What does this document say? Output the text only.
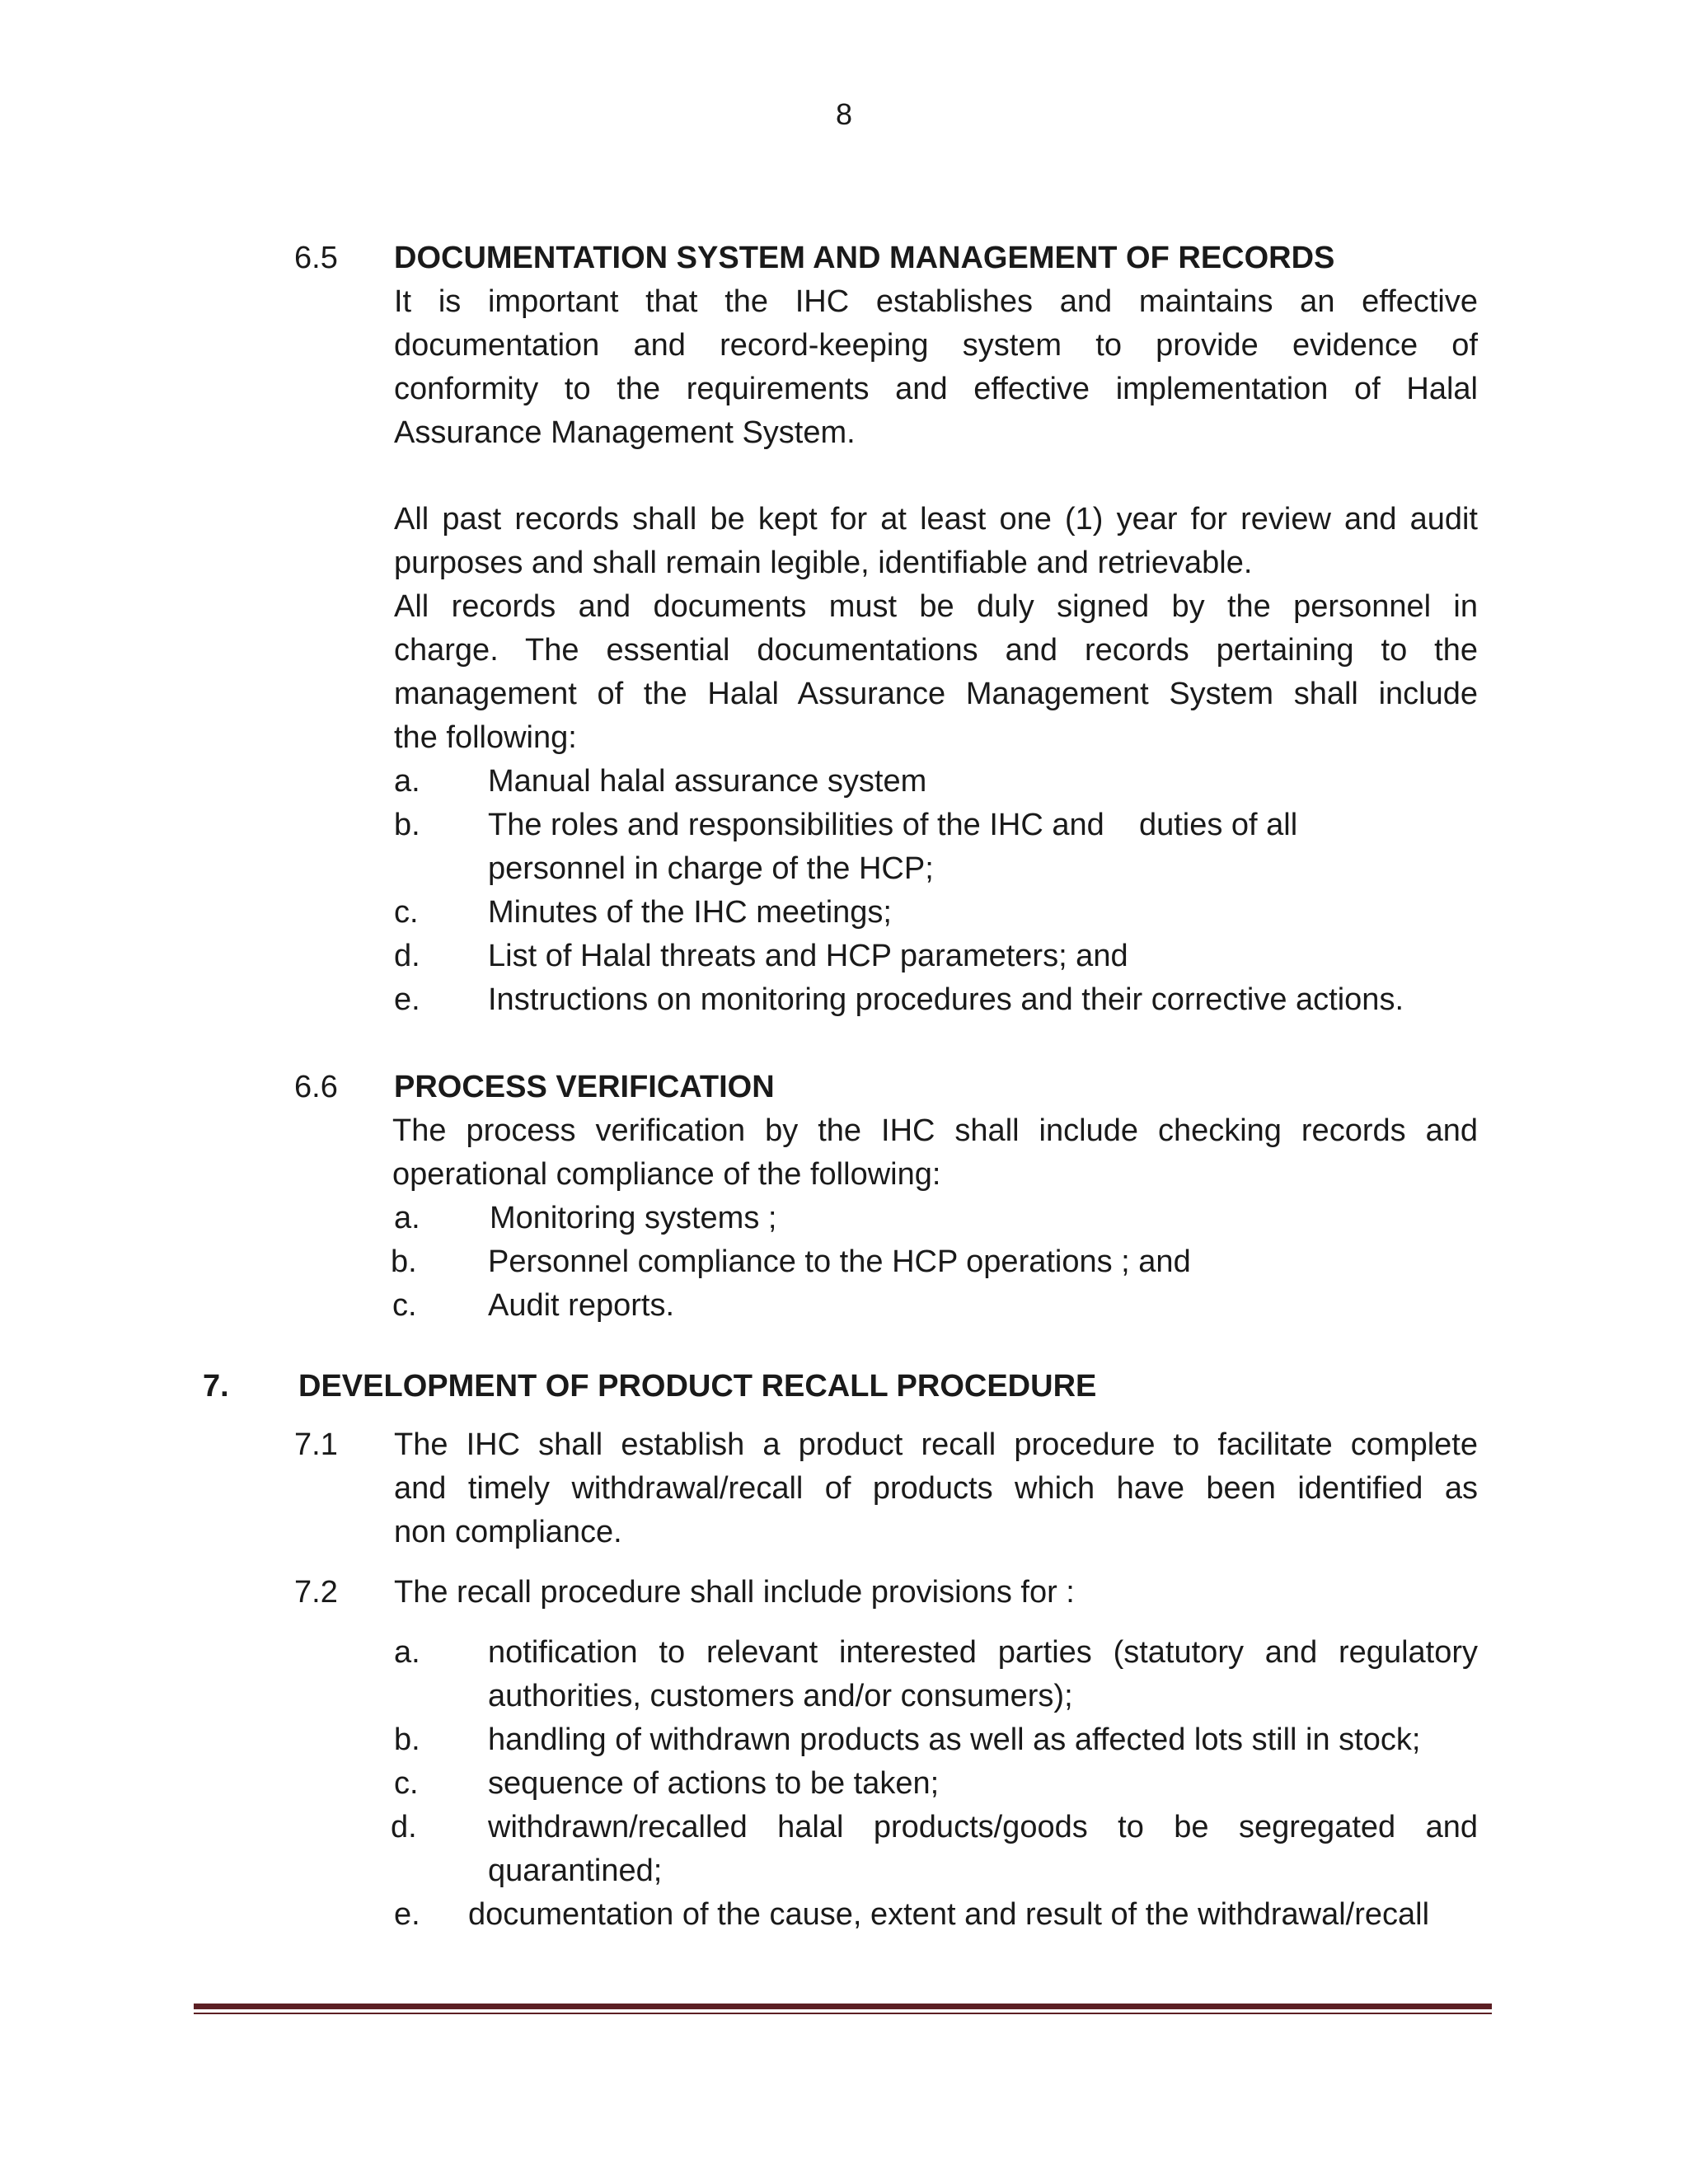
8
6.5 DOCUMENTATION SYSTEM AND MANAGEMENT OF RECORDS
It is important that the IHC establishes and maintains an effective
documentation and record-keeping system to provide evidence of
conformity to the requirements and effective implementation of Halal
Assurance Management System.
All past records shall be kept for at least one (1) year for review and audit
purposes and shall remain legible, identifiable and retrievable.
All records and documents must be duly signed by the personnel in
charge. The essential documentations and records pertaining to the
management of the Halal Assurance Management System shall include
the following:
a. Manual halal assurance system
b. The roles and responsibilities of the IHC and    duties of all
personnel in charge of the HCP;
c. Minutes of the IHC meetings;
d. List of Halal threats and HCP parameters; and
e. Instructions on monitoring procedures and their corrective actions.
6.6 PROCESS VERIFICATION
The process verification by the IHC shall include checking records and
operational compliance of the following:
a. Monitoring systems ;
b. Personnel compliance to the HCP operations ; and
c. Audit reports.
7. DEVELOPMENT OF PRODUCT RECALL PROCEDURE
7.1 The IHC shall establish a product recall procedure to facilitate complete
and timely withdrawal/recall of products which have been identified as
non compliance.
7.2 The recall procedure shall include provisions for :
a. notification to relevant interested parties (statutory and regulatory
authorities, customers and/or consumers);
b. handling of withdrawn products as well as affected lots still in stock;
c. sequence of actions to be taken;
d. withdrawn/recalled halal products/goods to be segregated and
quarantined;
e. documentation of the cause, extent and result of the withdrawal/recall
